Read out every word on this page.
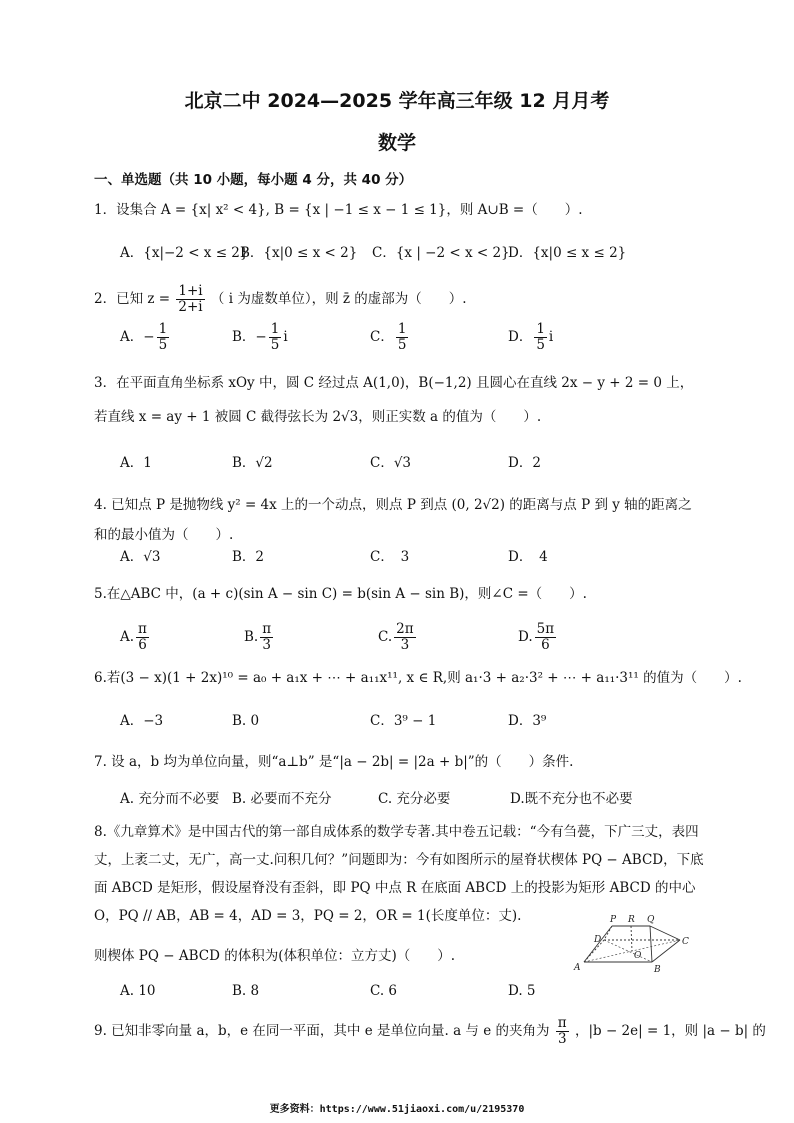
北京二中 2024—2025 学年高三年级 12 月月考
数学
一、单选题（共 10 小题，每小题 4 分，共 40 分）
1．设集合 A = {x| x² < 4}, B = {x | −1 ≤ x − 1 ≤ 1}，则 A∪B =（　　）.
A．{x|−2 < x ≤ 2}
B．{x|0 ≤ x < 2} C．{x | −2 < x < 2}
D．{x|0 ≤ x ≤ 2}
2．已知 $z = \frac{1+i}{2+i}$ （ i 为虚数单位），则 z̄ 的虚部为（　　）.
A．− $\frac{1}{5}$	B．− $\frac{1}{5}$ i	C． $\frac{1}{5}$	D． $\frac{1}{5}$ i
3．在平面直角坐标系 xOy 中，圆 C 经过点 A(1,0)，B(−1,2) 且圆心在直线 2x − y + 2 = 0 上，若直线 x = ay + 1 被圆 C 截得弦长为 2√3，则正实数 a 的值为（　　）.
A．1	B．√2	C．√3	D．2
4. 已知点 P 是抛物线 y² = 4x 上的一个动点，则点 P 到点 (0, 2√2) 的距离与点 P 到 y 轴的距离之和的最小值为（　　）.
A．√3	B．2	C．　3	D．　4
5.在△ABC 中，(a + c)(sin A − sin C) = b(sin A − sin B)，则∠C =（　　）.
A. $\frac{\pi}{6}$	B. $\frac{\pi}{3}$	C. $\frac{2\pi}{3}$	D. $\frac{5\pi}{6}$
6.若(3 − x)(1 + 2x)¹⁰ = a₀ + a₁x + ⋯ + a₁₁x¹¹, x ∈ R,则 a₁·3 + a₂·3² + ⋯ + a₁₁·3¹¹ 的值为（　　）.
A．−3	B. 0	C．3⁹ − 1	D．3⁹
7. 设 a，b 均为单位向量，则“a⊥b” 是“|a − 2b| = |2a + b|”的（　　）条件.
A. 充分而不必要 B. 必要而不充分	C. 充分必要	D.既不充分也不必要
8.《九章算术》是中国古代的第一部自成体系的数学专著.其中卷五记载：“今有刍甍，下广三丈，表四丈，上袤二丈，无广，高一丈.问积几何？”问题即为：今有如图所示的屋脊状楔体 PQ − ABCD，下底面 ABCD 是矩形，假设屋脊没有歪斜，即 PQ 中点 R 在底面 ABCD 上的投影为矩形 ABCD 的中心 O，PQ // AB，AB = 4，AD = 3，PQ = 2，OR = 1(长度单位：丈).
则楔体 PQ − ABCD 的体积为(体积单位：立方丈)（　　）.
A. 10	B. 8	C. 6	D. 5
P R Q
D	C
O
A	B
9. 已知非零向量 a，b，e 在同一平面，其中 e 是单位向量. a 与 e 的夹角为 $\frac{\pi}{3}$ ，|b − 2e| = 1，则 |a − b| 的
更多资料：https://www.51jiaoxi.com/u/2195370
